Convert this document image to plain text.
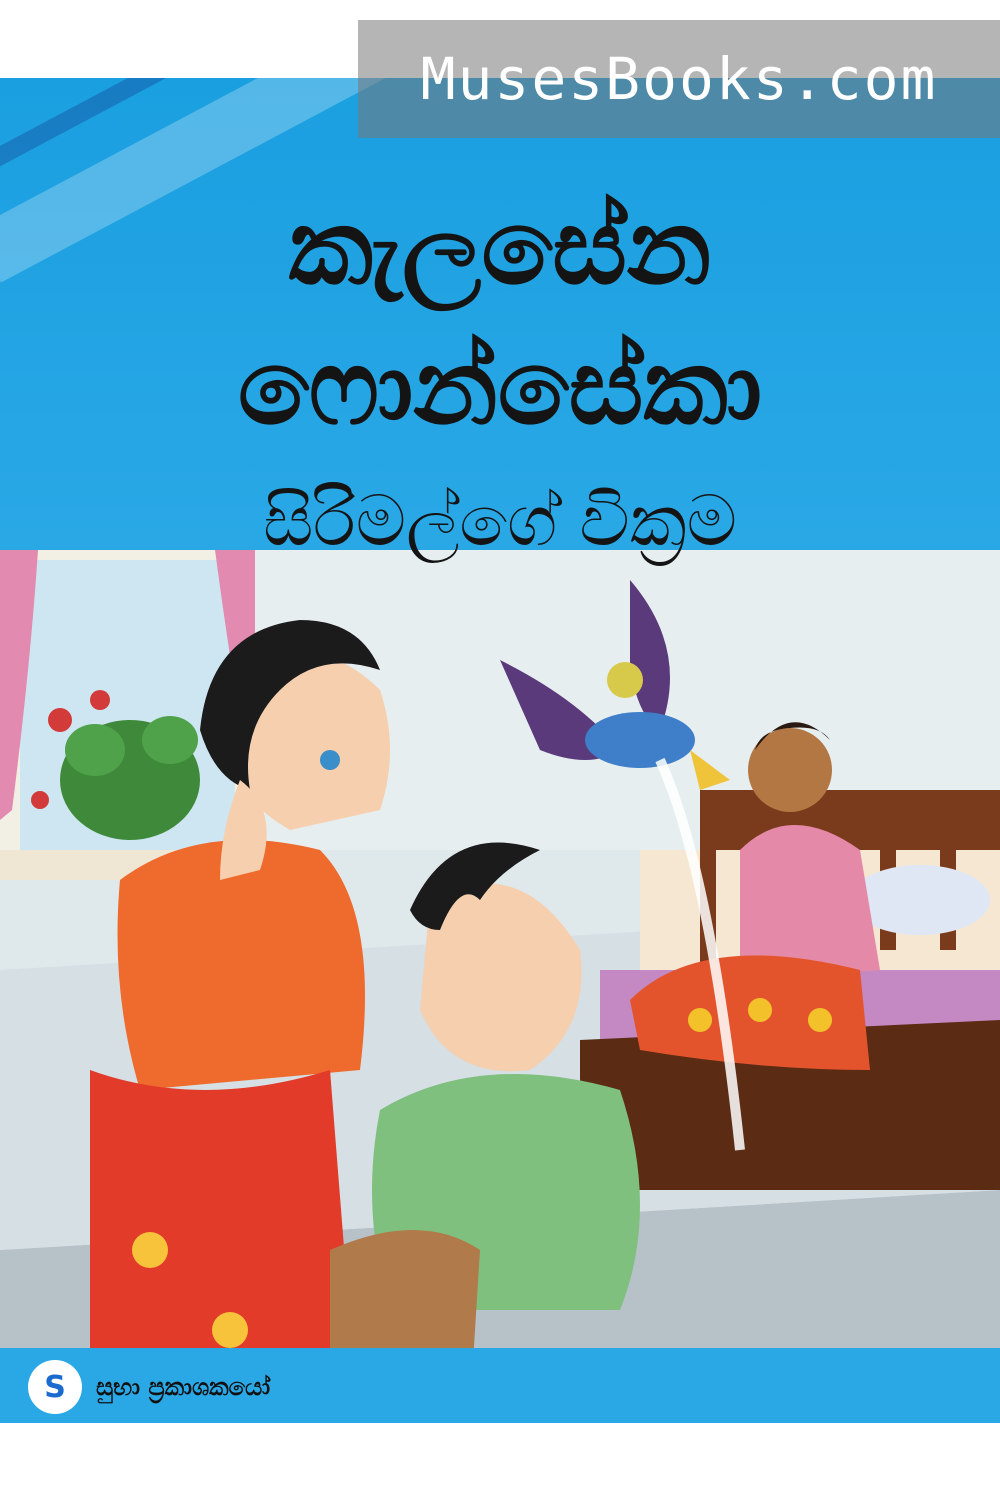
කැලසේන
ෆොන්සේකා
සිරිමල්ගේ වික්‍රම
S	සුභා ප්‍රකාශකයෝ
MusesBooks.com
